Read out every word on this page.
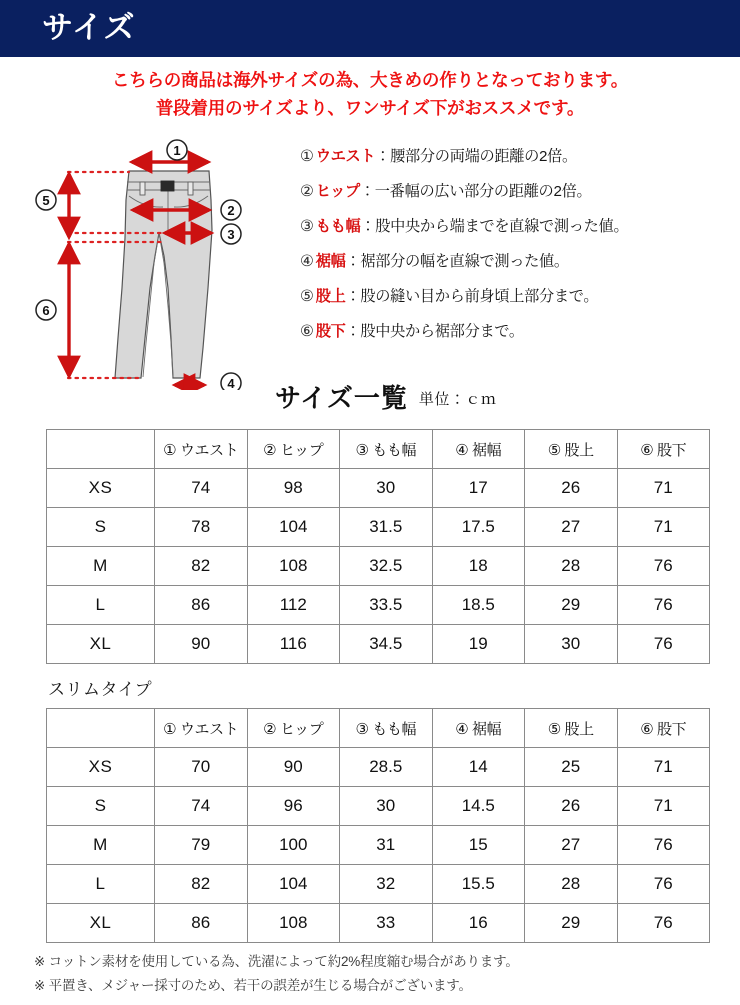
サイズ
こちらの商品は海外サイズの為、大きめの作りとなっております。
普段着用のサイズより、ワンサイズ下がおススメです。
1
2
3
4
5
6
① ウエスト：腰部分の両端の距離の2倍。
② ヒップ：一番幅の広い部分の距離の2倍。
③ もも幅：股中央から端までを直線で測った値。
④ 裾幅：裾部分の幅を直線で測った値。
⑤ 股上：股の縫い目から前身頃上部分まで。
⑥ 股下：股中央から裾部分まで。
サイズ一覧 単位：ｃｍ
	① ウエスト	② ヒップ	③ もも幅	④ 裾幅	⑤ 股上	⑥ 股下
XS	74	98	30	17	26	71
S	78	104	31.5	17.5	27	71
M	82	108	32.5	18	28	76
L	86	112	33.5	18.5	29	76
XL	90	116	34.5	19	30	76
スリムタイプ
	① ウエスト	② ヒップ	③ もも幅	④ 裾幅	⑤ 股上	⑥ 股下
XS	70	90	28.5	14	25	71
S	74	96	30	14.5	26	71
M	79	100	31	15	27	76
L	82	104	32	15.5	28	76
XL	86	108	33	16	29	76
※ コットン素材を使用している為、洗濯によって約2%程度縮む場合があります。
※ 平置き、メジャー採寸のため、若干の誤差が生じる場合がございます。
